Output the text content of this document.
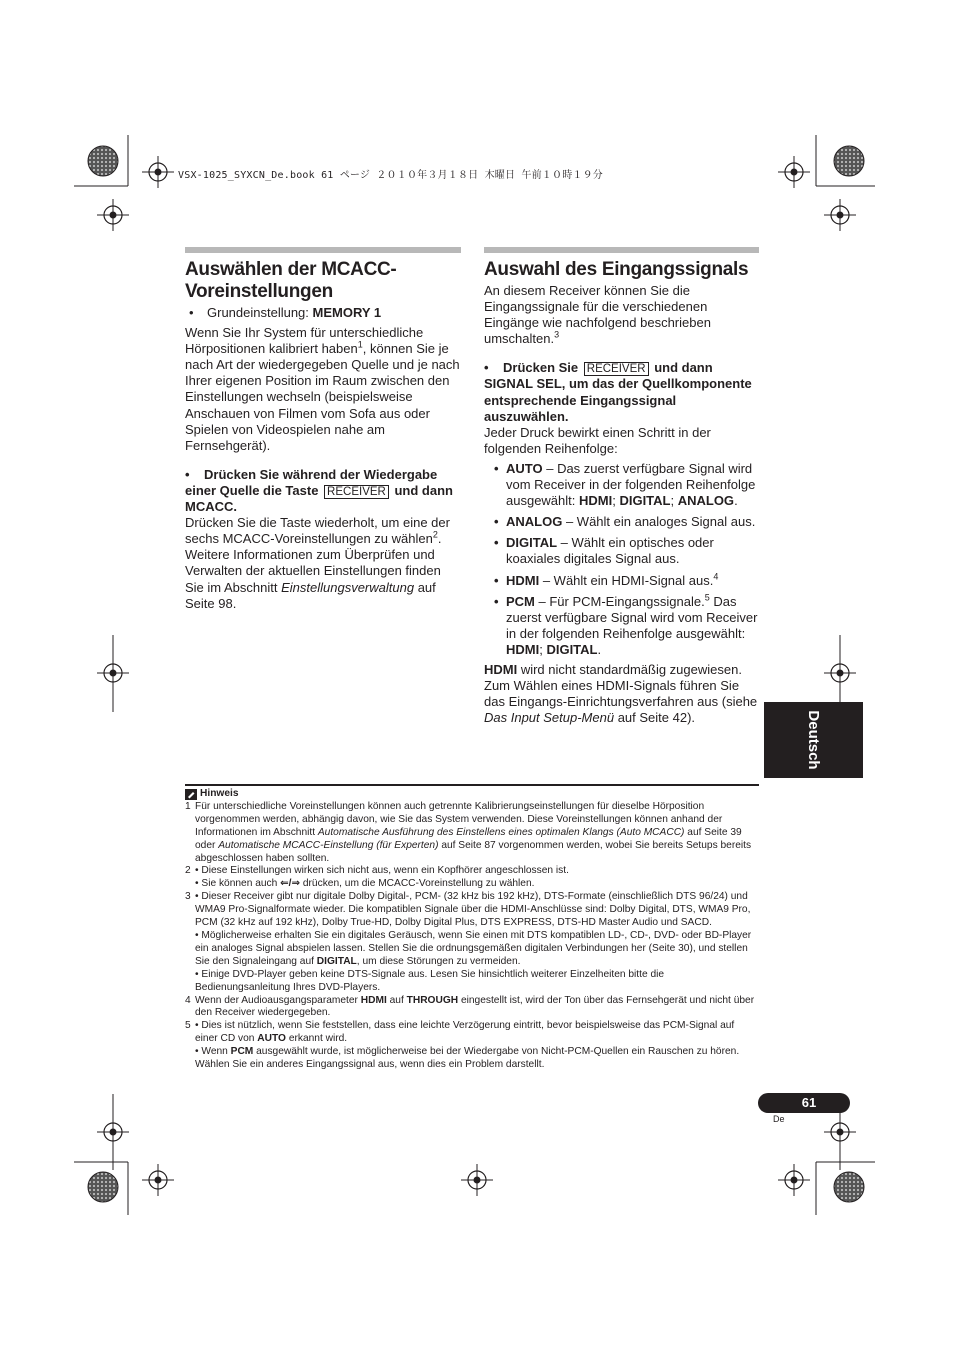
VSX-1025_SYXCN_De.book 61 ページ ２０１０年３月１８日 木曜日 午前１０時１９分
Auswählen der MCACC-Voreinstellungen

• Grundeinstellung: MEMORY 1

Wenn Sie Ihr System für unterschiedliche Hörpositionen kalibriert haben$^1$, können Sie je nach Art der wiedergegeben Quelle und je nach Ihrer eigenen Position im Raum zwischen den Einstellungen wechseln (beispielsweise Anschauen von Filmen vom Sofa aus oder Spielen von Videospielen nahe am Fernsehgerät).

•    Drücken Sie während der Wiedergabe einer Quelle die Taste RECEIVER und dann MCACC.

Drücken Sie die Taste wiederholt, um eine der sechs MCACC-Voreinstellungen zu wählen$^2$. Weitere Informationen zum Überprüfen und Verwalten der aktuellen Einstellungen finden Sie im Abschnitt Einstellungsverwaltung auf Seite 98.

Auswahl des Eingangssignals

An diesem Receiver können Sie die Eingangssignale für die verschiedenen Eingänge wie nachfolgend beschrieben umschalten.$^3$

•    Drücken Sie RECEIVER und dann SIGNAL SEL, um das der Quellkomponente entsprechende Eingangssignal auszuwählen.

Jeder Druck bewirkt einen Schritt in der folgenden Reihenfolge:

• AUTO – Das zuerst verfügbare Signal wird vom Receiver in der folgenden Reihenfolge ausgewählt: HDMI; DIGITAL; ANALOG.

• ANALOG – Wählt ein analoges Signal aus.

• DIGITAL – Wählt ein optisches oder koaxiales digitales Signal aus.

• HDMI – Wählt ein HDMI-Signal aus.$^4$

• PCM – Für PCM-Eingangssignale.$^5$ Das zuerst verfügbare Signal wird vom Receiver in der folgenden Reihenfolge ausgewählt: HDMI; DIGITAL.

HDMI wird nicht standardmäßig zugewiesen. Zum Wählen eines HDMI-Signals führen Sie das Eingangs-Einrichtungsverfahren aus (siehe Das Input Setup-Menü auf Seite 42).	Deutsch
Hinweis
1 Für unterschiedliche Voreinstellungen können auch getrennte Kalibrierungseinstellungen für dieselbe Hörposition vorgenommen werden, abhängig davon, wie Sie das System verwenden. Diese Voreinstellungen können anhand der Informationen im Abschnitt Automatische Ausführung des Einstellens eines optimalen Klangs (Auto MCACC) auf Seite 39 oder Automatische MCACC-Einstellung (für Experten) auf Seite 87 vorgenommen werden, wobei Sie bereits Setups bereits abgeschlossen haben sollten.
2 • Diese Einstellungen wirken sich nicht aus, wenn ein Kopfhörer angeschlossen ist.
• Sie können auch ⇐/⇒ drücken, um die MCACC-Voreinstellung zu wählen.
3 • Dieser Receiver gibt nur digitale Dolby Digital-, PCM- (32 kHz bis 192 kHz), DTS-Formate (einschließlich DTS 96/24) und WMA9 Pro-Signalformate wieder. Die kompatiblen Signale über die HDMI-Anschlüsse sind: Dolby Digital, DTS, WMA9 Pro, PCM (32 kHz auf 192 kHz), Dolby True-HD, Dolby Digital Plus, DTS EXPRESS, DTS-HD Master Audio und SACD.
• Möglicherweise erhalten Sie ein digitales Geräusch, wenn Sie einen mit DTS kompatiblen LD-, CD-, DVD- oder BD-Player ein analoges Signal abspielen lassen. Stellen Sie die ordnungsgemäßen digitalen Verbindungen her (Seite 30), und stellen Sie den Signaleingang auf DIGITAL, um diese Störungen zu vermeiden.
• Einige DVD-Player geben keine DTS-Signale aus. Lesen Sie hinsichtlich weiterer Einzelheiten bitte die Bedienungsanleitung Ihres DVD-Players.
4 Wenn der Audioausgangsparameter HDMI auf THROUGH eingestellt ist, wird der Ton über das Fernsehgerät und nicht über den Receiver wiedergegeben.
5 • Dies ist nützlich, wenn Sie feststellen, dass eine leichte Verzögerung eintritt, bevor beispielsweise das PCM-Signal auf einer CD von AUTO erkannt wird.
• Wenn PCM ausgewählt wurde, ist möglicherweise bei der Wiedergabe von Nicht-PCM-Quellen ein Rauschen zu hören. Wählen Sie ein anderes Eingangssignal aus, wenn dies ein Problem darstellt.
61
De
